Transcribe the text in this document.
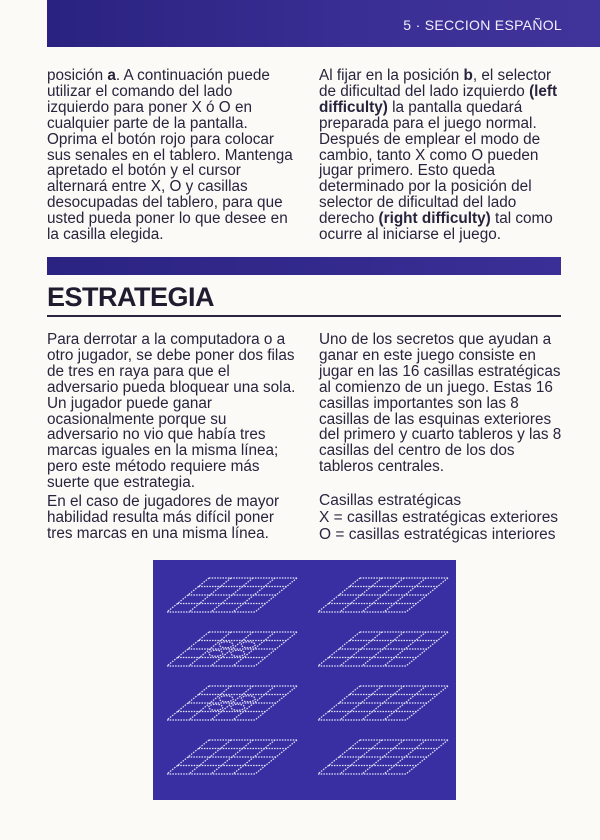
5 · SECCION ESPAÑOL

posición a. A continuación puede utilizar el comando del lado izquierdo para poner X ó O en cualquier parte de la pantalla. Oprima el botón rojo para colocar sus senales en el tablero. Mantenga apretado el botón y el cursor alternará entre X, O y casillas desocupadas del tablero, para que usted pueda poner lo que desee en la casilla elegida.

Al fijar en la posición b, el selector de dificultad del lado izquierdo (left difficulty) la pantalla quedará preparada para el juego normal. Después de emplear el modo de cambio, tanto X como O pueden jugar primero. Esto queda determinado por la posición del selector de dificultad del lado derecho (right difficulty) tal como ocurre al iniciarse el juego.

ESTRATEGIA

Para derrotar a la computadora o a otro jugador, se debe poner dos filas de tres en raya para que el adversario pueda bloquear una sola. Un jugador puede ganar ocasionalmente porque su adversario no vio que había tres marcas iguales en la misma línea; pero este método requiere más suerte que estrategia.

En el caso de jugadores de mayor habilidad resulta más difícil poner tres marcas en una misma línea.

Uno de los secretos que ayudan a ganar en este juego consiste en jugar en las 16 casillas estratégicas al comienzo de un juego. Estas 16 casillas importantes son las 8 casillas de las esquinas exteriores del primero y cuarto tableros y las 8 casillas del centro de los dos tableros centrales.

Casillas estratégicas
X = casillas estratégicas exteriores
O = casillas estratégicas interiores
